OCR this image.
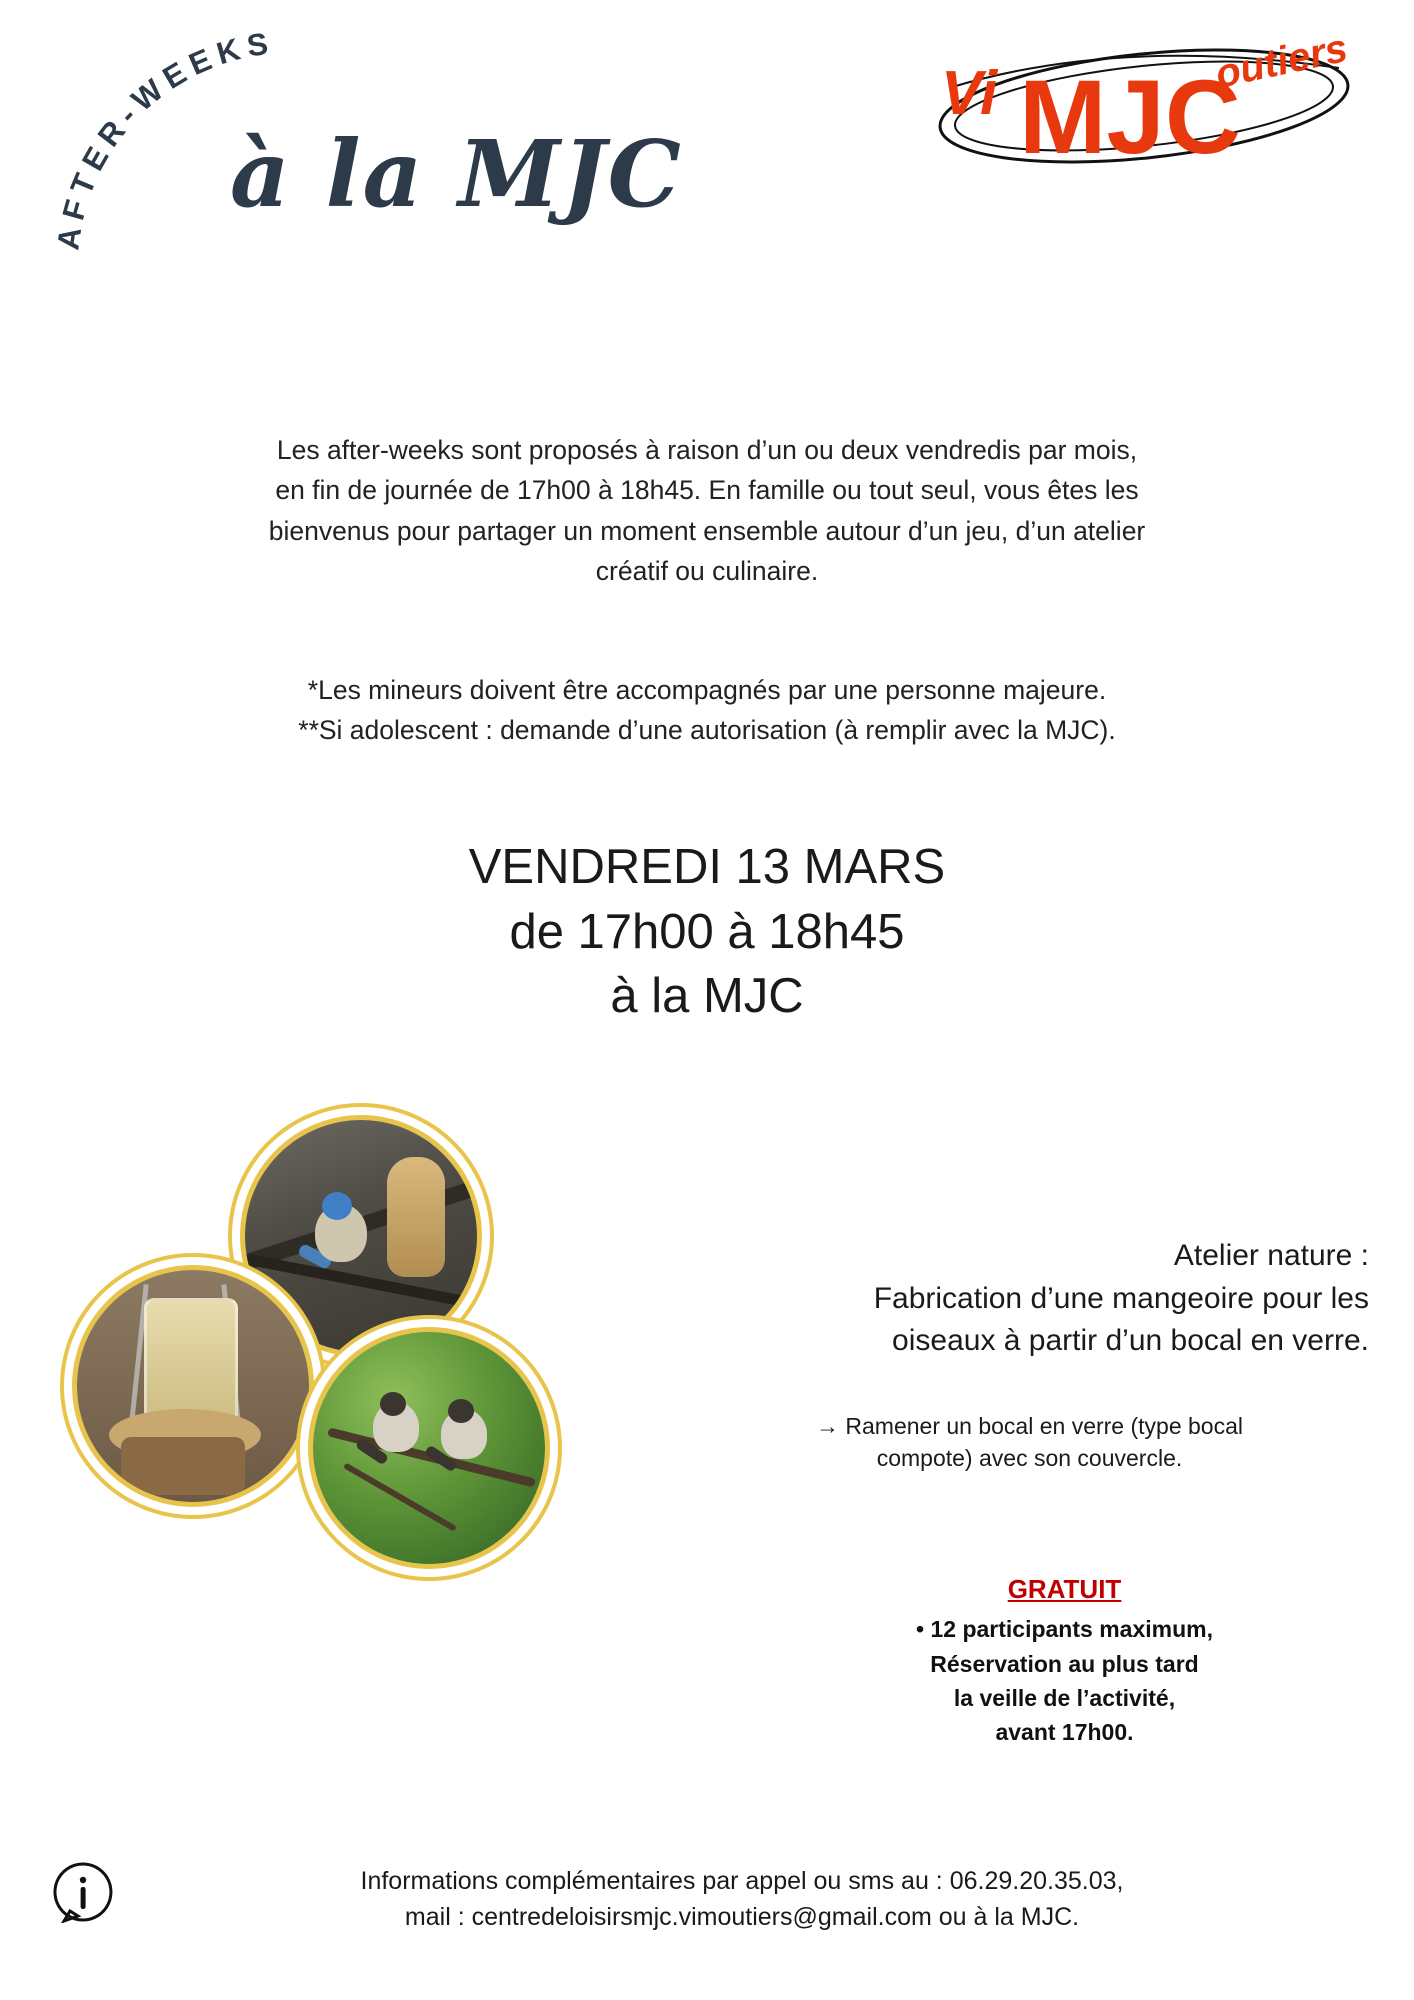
AFTER-WEEKS
à la MJC
Vi MJC
outiers
Les after-weeks sont proposés à raison d’un ou deux vendredis par mois,
en fin de journée de 17h00 à 18h45. En famille ou tout seul, vous êtes les
bienvenus pour partager un moment ensemble autour d’un jeu, d’un atelier
créatif ou culinaire.
*Les mineurs doivent être accompagnés par une personne majeure.
**Si adolescent : demande d’une autorisation (à remplir avec la MJC).
VENDREDI 13 MARS
de 17h00 à 18h45
à la MJC
Atelier nature :
Fabrication d’une mangeoire pour les
oiseaux à partir d’un bocal en verre.
→ Ramener un bocal en verre (type bocal
compote) avec son couvercle.
GRATUIT
• 12 participants maximum,
Réservation au plus tard
la veille de l’activité,
avant 17h00.
Informations complémentaires par appel ou sms au : 06.29.20.35.03,
mail : centredeloisirsmjc.vimoutiers@gmail.com ou à la MJC.
